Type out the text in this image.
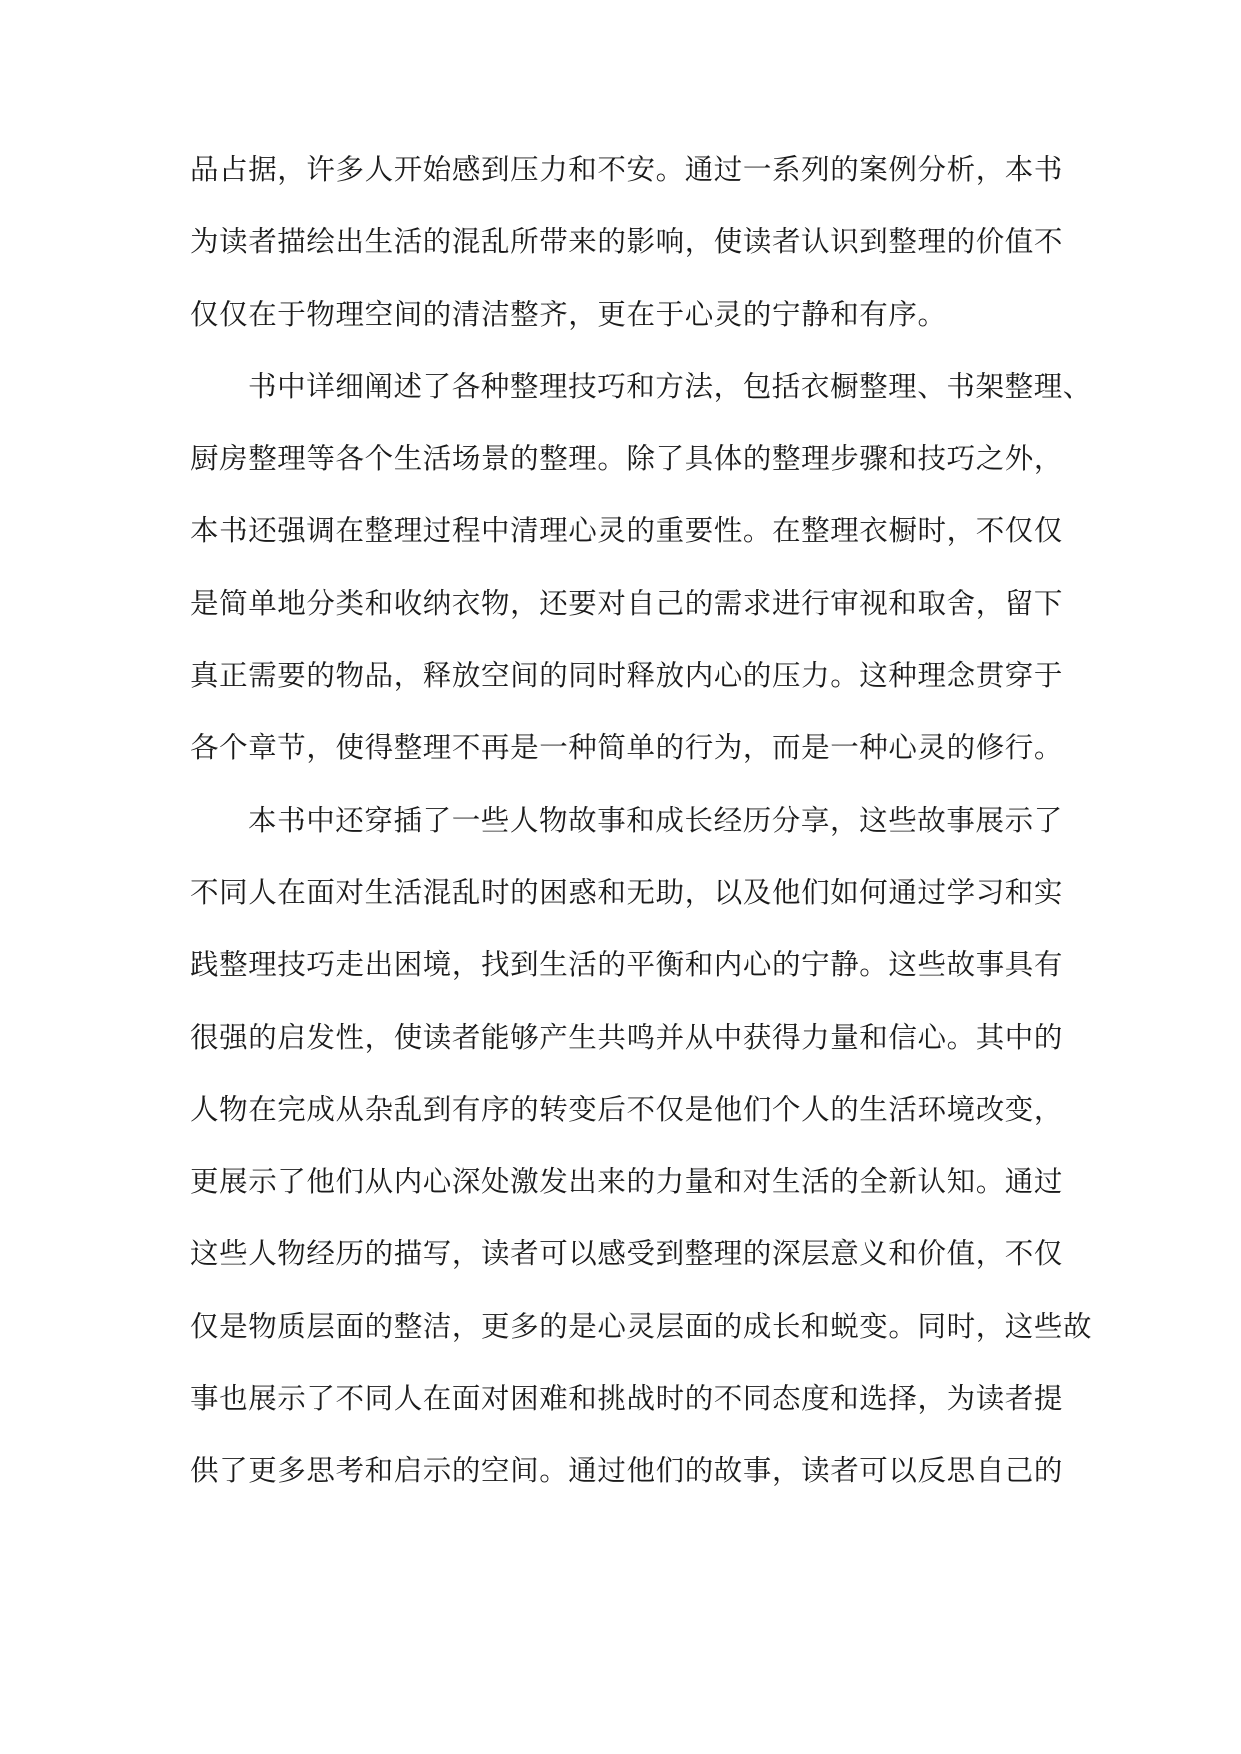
品占据，许多人开始感到压力和不安。通过一系列的案例分析，本书
为读者描绘出生活的混乱所带来的影响，使读者认识到整理的价值不
仅仅在于物理空间的清洁整齐，更在于心灵的宁静和有序。
书中详细阐述了各种整理技巧和方法，包括衣橱整理、书架整理、
厨房整理等各个生活场景的整理。除了具体的整理步骤和技巧之外，
本书还强调在整理过程中清理心灵的重要性。在整理衣橱时，不仅仅
是简单地分类和收纳衣物，还要对自己的需求进行审视和取舍，留下
真正需要的物品，释放空间的同时释放内心的压力。这种理念贯穿于
各个章节，使得整理不再是一种简单的行为，而是一种心灵的修行。
本书中还穿插了一些人物故事和成长经历分享，这些故事展示了
不同人在面对生活混乱时的困惑和无助，以及他们如何通过学习和实
践整理技巧走出困境，找到生活的平衡和内心的宁静。这些故事具有
很强的启发性，使读者能够产生共鸣并从中获得力量和信心。其中的
人物在完成从杂乱到有序的转变后不仅是他们个人的生活环境改变，
更展示了他们从内心深处激发出来的力量和对生活的全新认知。通过
这些人物经历的描写，读者可以感受到整理的深层意义和价值，不仅
仅是物质层面的整洁，更多的是心灵层面的成长和蜕变。同时，这些故
事也展示了不同人在面对困难和挑战时的不同态度和选择，为读者提
供了更多思考和启示的空间。通过他们的故事，读者可以反思自己的
